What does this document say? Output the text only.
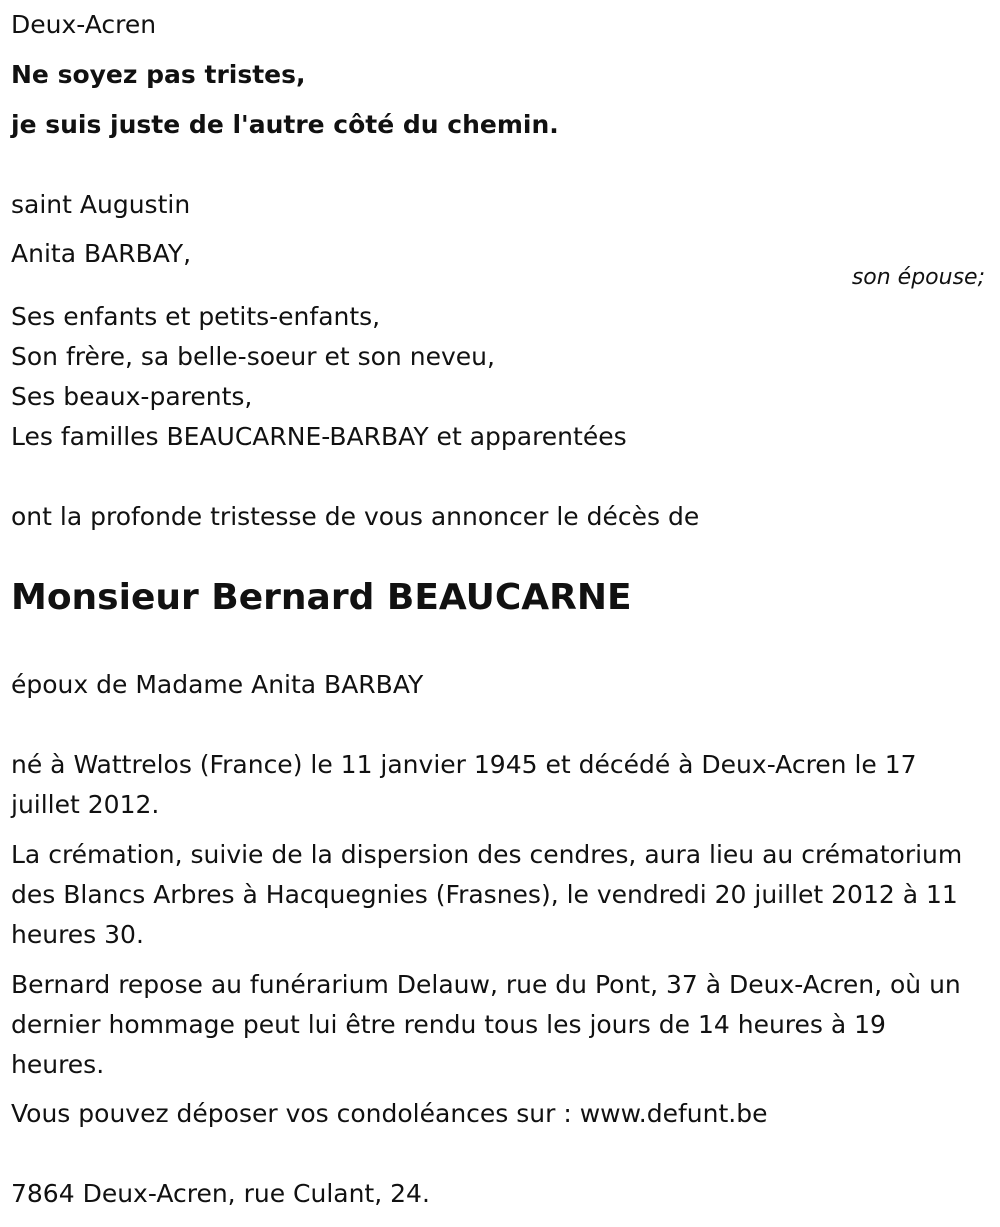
Deux-Acren
Ne soyez pas tristes,
je suis juste de l'autre côté du chemin.
saint Augustin
Anita BARBAY,
son épouse;
Ses enfants et petits-enfants,
Son frère, sa belle-soeur et son neveu,
Ses beaux-parents,
Les familles BEAUCARNE-BARBAY et apparentées
ont la profonde tristesse de vous annoncer le décès de
Monsieur Bernard BEAUCARNE
époux de Madame Anita BARBAY
né à Wattrelos (France) le 11 janvier 1945 et décédé à Deux-Acren le 17 juillet 2012.
La crémation, suivie de la dispersion des cendres, aura lieu au crématorium des Blancs Arbres à Hacquegnies (Frasnes), le vendredi 20 juillet 2012 à 11 heures 30.
Bernard repose au funérarium Delauw, rue du Pont, 37 à Deux-Acren, où un dernier hommage peut lui être rendu tous les jours de 14 heures à 19 heures.
Vous pouvez déposer vos condoléances sur : www.defunt.be
7864 Deux-Acren, rue Culant, 24.
